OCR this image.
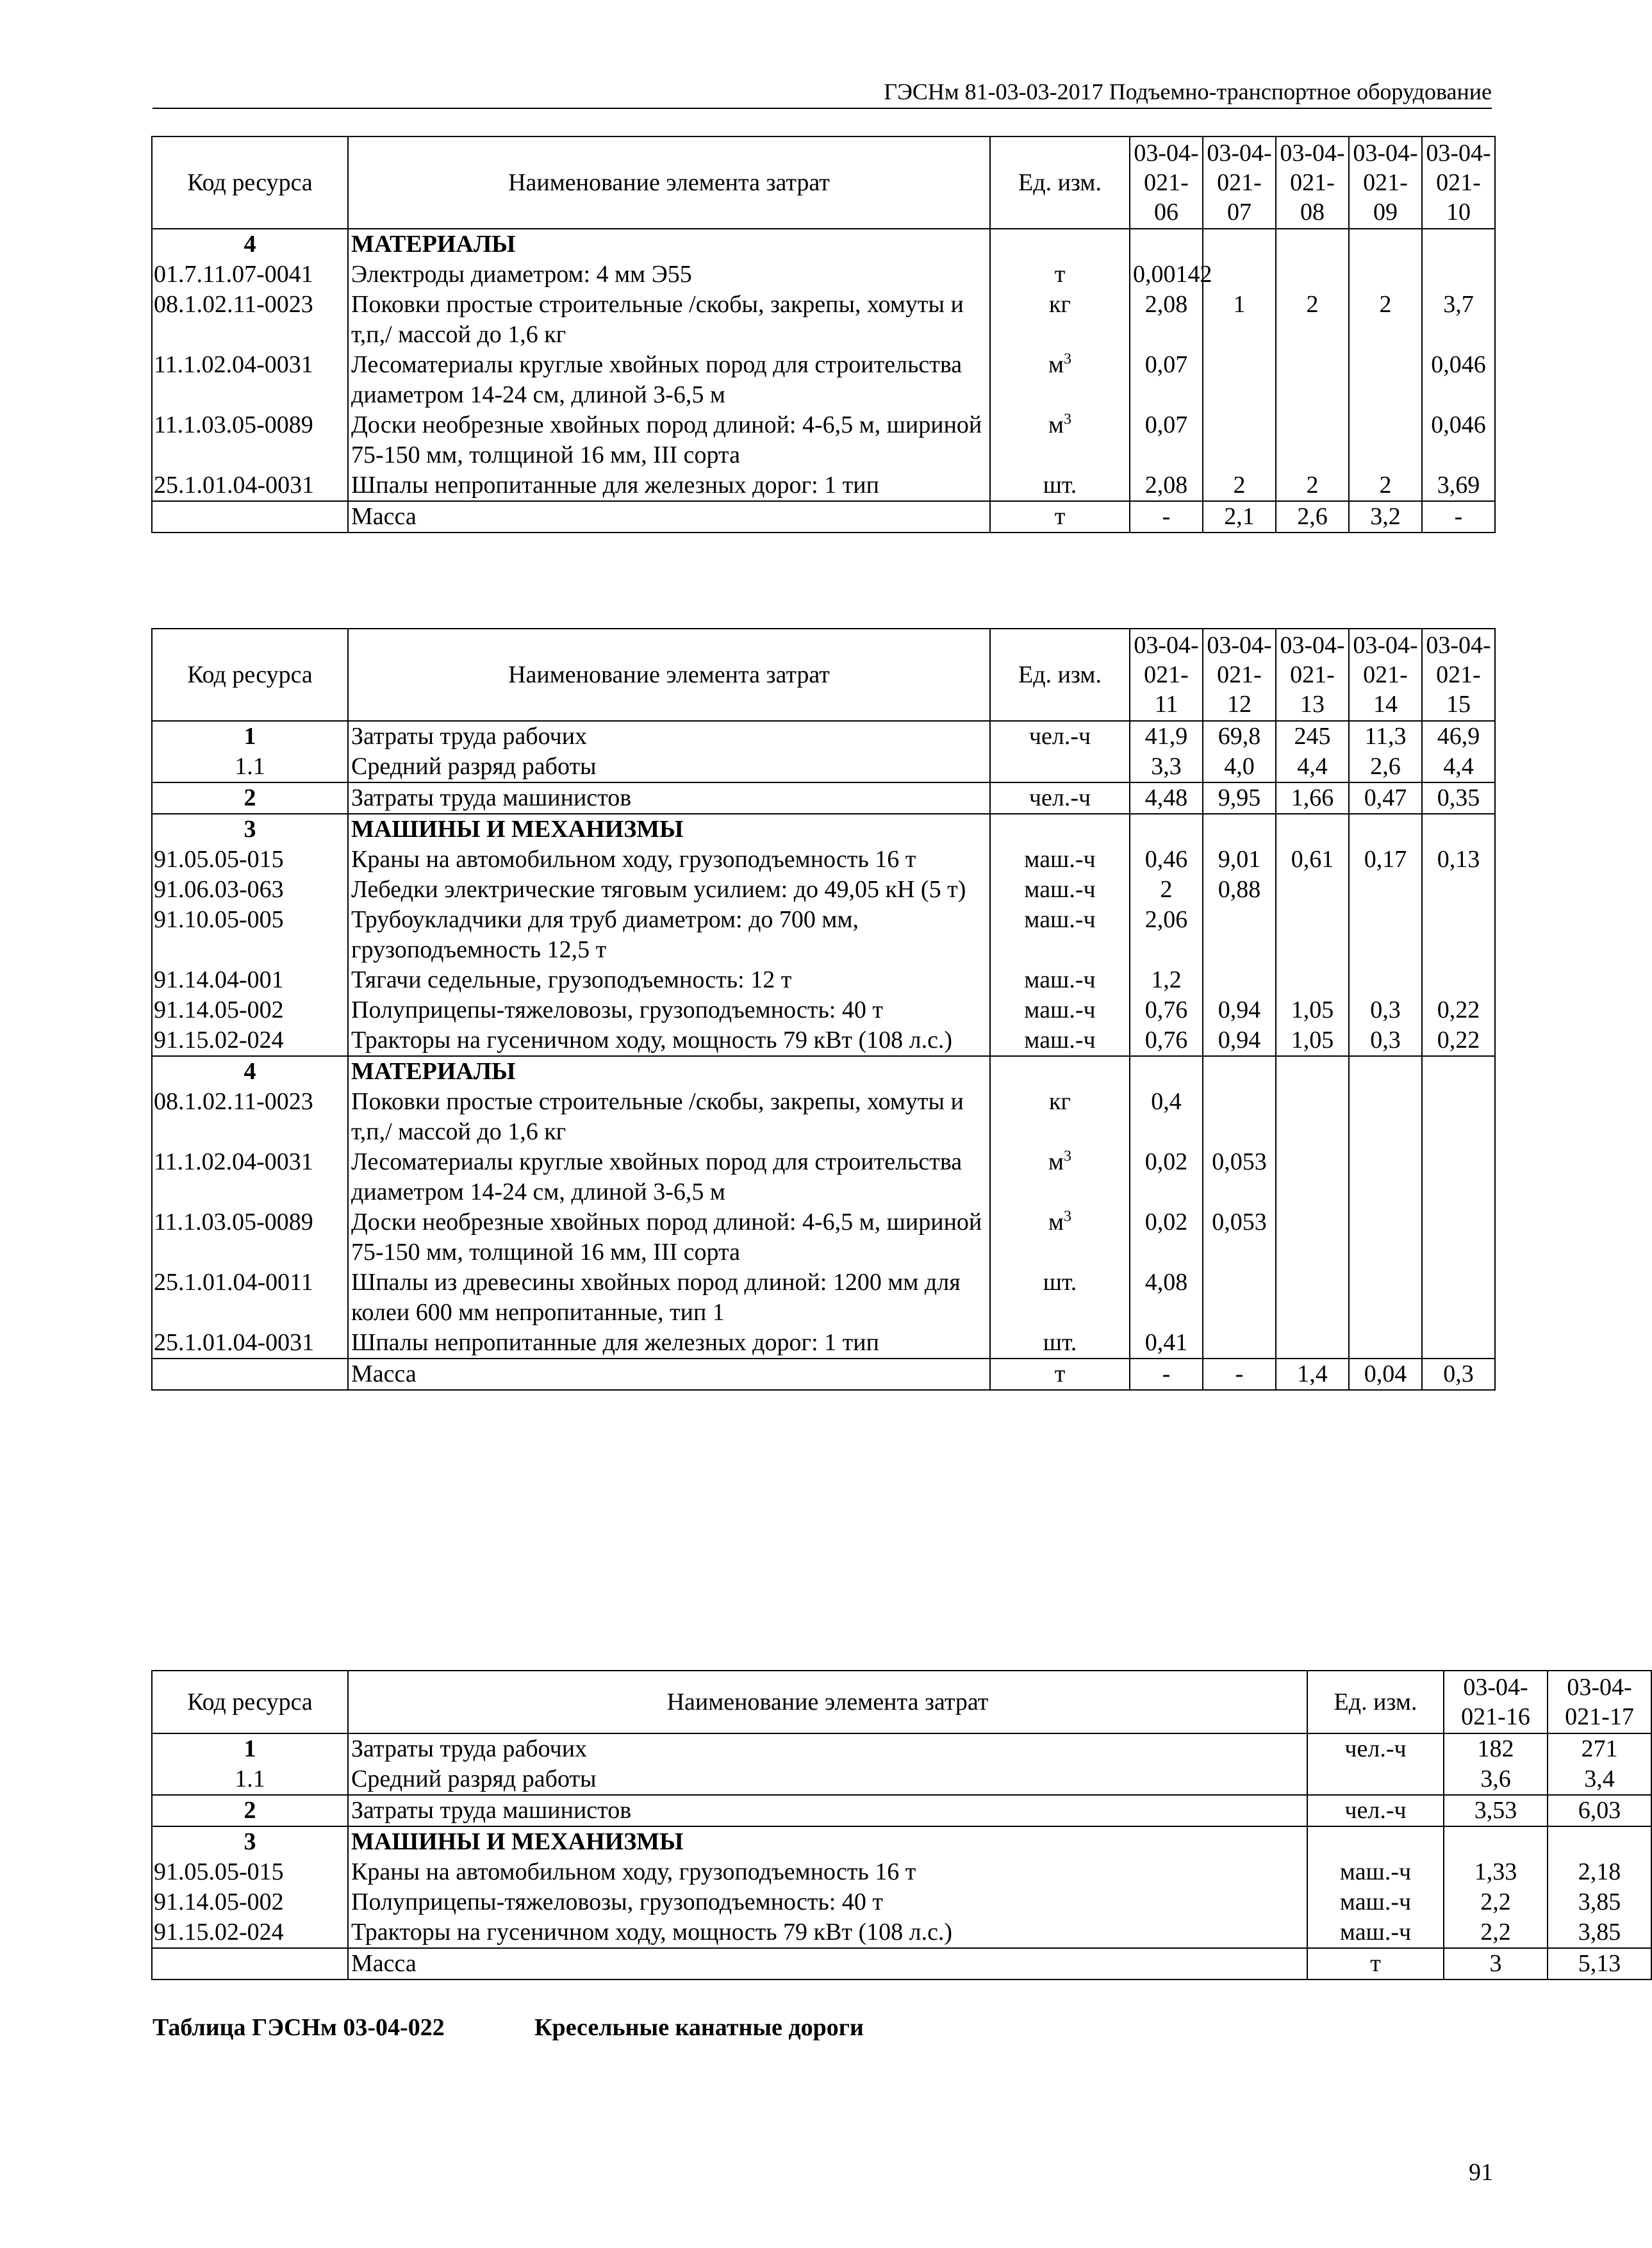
ГЭСНм 81-03-03-2017 Подъемно-транспортное оборудование
Код ресурса	Наименование элемента затрат	Ед. изм.	03-04-021-06	03-04-021-07	03-04-021-08	03-04-021-09	03-04-021-10
4	МАТЕРИАЛЫ						
01.7.11.07-0041	Электроды диаметром: 4 мм Э55	т	0,00142				
08.1.02.11-0023	Поковки простые строительные /скобы, закрепы, хомуты и т,п,/ массой до 1,6 кг	кг	2,08	1	2	2	3,7
11.1.02.04-0031	Лесоматериалы круглые хвойных пород для строительства диаметром 14-24 см, длиной 3-6,5 м	$м^3$	0,07				0,046
11.1.03.05-0089	Доски необрезные хвойных пород длиной: 4-6,5 м, шириной 75-150 мм, толщиной 16 мм, III сорта	$м^3$	0,07				0,046
25.1.01.04-0031	Шпалы непропитанные для железных дорог: 1 тип	шт.	2,08	2	2	2	3,69
	Масса	т	-	2,1	2,6	3,2	-
Код ресурса	Наименование элемента затрат	Ед. изм.	03-04-021-11	03-04-021-12	03-04-021-13	03-04-021-14	03-04-021-15
1	Затраты труда рабочих	чел.-ч	41,9	69,8	245	11,3	46,9
1.1	Средний разряд работы		3,3	4,0	4,4	2,6	4,4
2	Затраты труда машинистов	чел.-ч	4,48	9,95	1,66	0,47	0,35
3	МАШИНЫ И МЕХАНИЗМЫ						
91.05.05-015	Краны на автомобильном ходу, грузоподъемность 16 т	маш.-ч	0,46	9,01	0,61	0,17	0,13
91.06.03-063	Лебедки электрические тяговым усилием: до 49,05 кН (5 т)	маш.-ч	2	0,88			
91.10.05-005	Трубоукладчики для труб диаметром: до 700 мм, грузоподъемность 12,5 т	маш.-ч	2,06				
91.14.04-001	Тягачи седельные, грузоподъемность: 12 т	маш.-ч	1,2				
91.14.05-002	Полуприцепы-тяжеловозы, грузоподъемность: 40 т	маш.-ч	0,76	0,94	1,05	0,3	0,22
91.15.02-024	Тракторы на гусеничном ходу, мощность 79 кВт (108 л.с.)	маш.-ч	0,76	0,94	1,05	0,3	0,22
4	МАТЕРИАЛЫ						
08.1.02.11-0023	Поковки простые строительные /скобы, закрепы, хомуты и т,п,/ массой до 1,6 кг	кг	0,4				
11.1.02.04-0031	Лесоматериалы круглые хвойных пород для строительства диаметром 14-24 см, длиной 3-6,5 м	$м^3$	0,02	0,053			
11.1.03.05-0089	Доски необрезные хвойных пород длиной: 4-6,5 м, шириной 75-150 мм, толщиной 16 мм, III сорта	$м^3$	0,02	0,053			
25.1.01.04-0011	Шпалы из древесины хвойных пород длиной: 1200 мм для колеи 600 мм непропитанные, тип 1	шт.	4,08				
25.1.01.04-0031	Шпалы непропитанные для железных дорог: 1 тип	шт.	0,41				
	Масса	т	-	-	1,4	0,04	0,3
Код ресурса	Наименование элемента затрат	Ед. изм.	03-04-021-16	03-04-021-17
1	Затраты труда рабочих	чел.-ч	182	271
1.1	Средний разряд работы		3,6	3,4
2	Затраты труда машинистов	чел.-ч	3,53	6,03
3	МАШИНЫ И МЕХАНИЗМЫ			
91.05.05-015	Краны на автомобильном ходу, грузоподъемность 16 т	маш.-ч	1,33	2,18
91.14.05-002	Полуприцепы-тяжеловозы, грузоподъемность: 40 т	маш.-ч	2,2	3,85
91.15.02-024	Тракторы на гусеничном ходу, мощность 79 кВт (108 л.с.)	маш.-ч	2,2	3,85
	Масса	т	3	5,13
Таблица ГЭСНм 03-04-022	Кресельные канатные дороги
91
